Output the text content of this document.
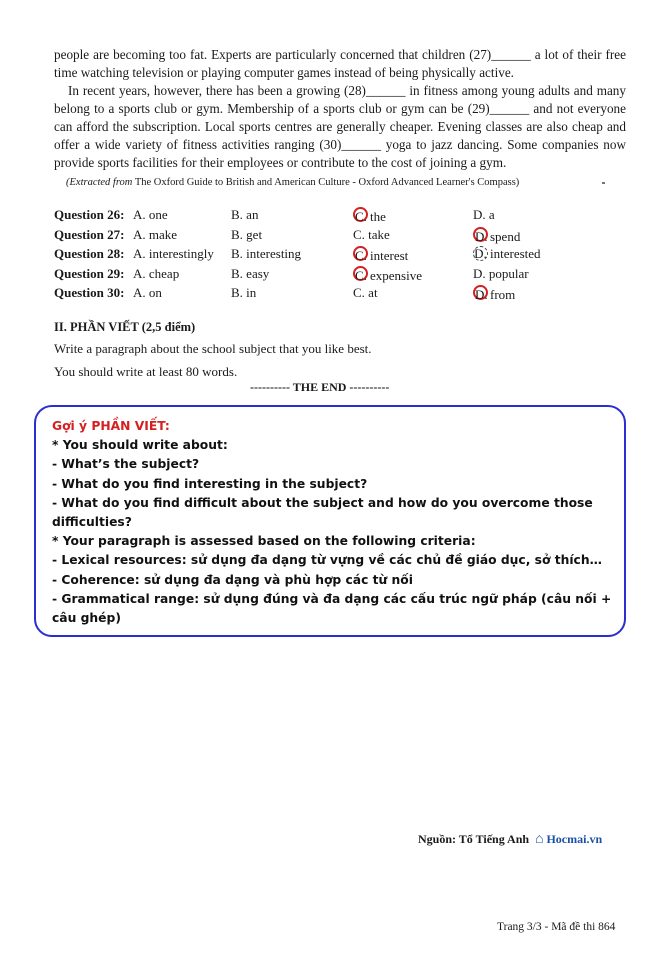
people are becoming too fat. Experts are particularly concerned that children (27)______ a lot of their free time watching television or playing computer games instead of being physically active.

In recent years, however, there has been a growing (28)______ in fitness among young adults and many belong to a sports club or gym. Membership of a sports club or gym can be (29)______ and not everyone can afford the subscription. Local sports centres are generally cheaper. Evening classes are also cheap and offer a wide variety of fitness activities ranging (30)______ yoga to jazz dancing. Some companies now provide sports facilities for their employees or contribute to the cost of joining a gym.

(Extracted from The Oxford Guide to British and American Culture - Oxford Advanced Learner's Compass)
Question 26: A. one	B. an	C. the	D. a
Question 27: A. make	B. get	C. take	D. spend
Question 28: A. interestingly B. interesting	C. interest	D. interested
Question 29: A. cheap	B. easy	C. expensive	D. popular
Question 30: A. on	B. in	C. at	D. from
II. PHẦN VIẾT (2,5 điểm)
Write a paragraph about the school subject that you like best.
You should write at least 80 words.
---------- THE END ----------
Gợi ý PHẦN VIẾT:
* You should write about:
- What’s the subject?
- What do you find interesting in the subject?
- What do you find difficult about the subject and how do you overcome those difficulties?
* Your paragraph is assessed based on the following criteria:
- Lexical resources: sử dụng đa dạng từ vựng về các chủ đề giáo dục, sở thích…
- Coherence: sử dụng đa dạng và phù hợp các từ nối
- Grammatical range: sử dụng đúng và đa dạng các cấu trúc ngữ pháp (câu nối + câu ghép)
Nguồn: Tổ Tiếng Anh ⌂ Hocmai.vn
Trang 3/3 - Mã đề thi 864
